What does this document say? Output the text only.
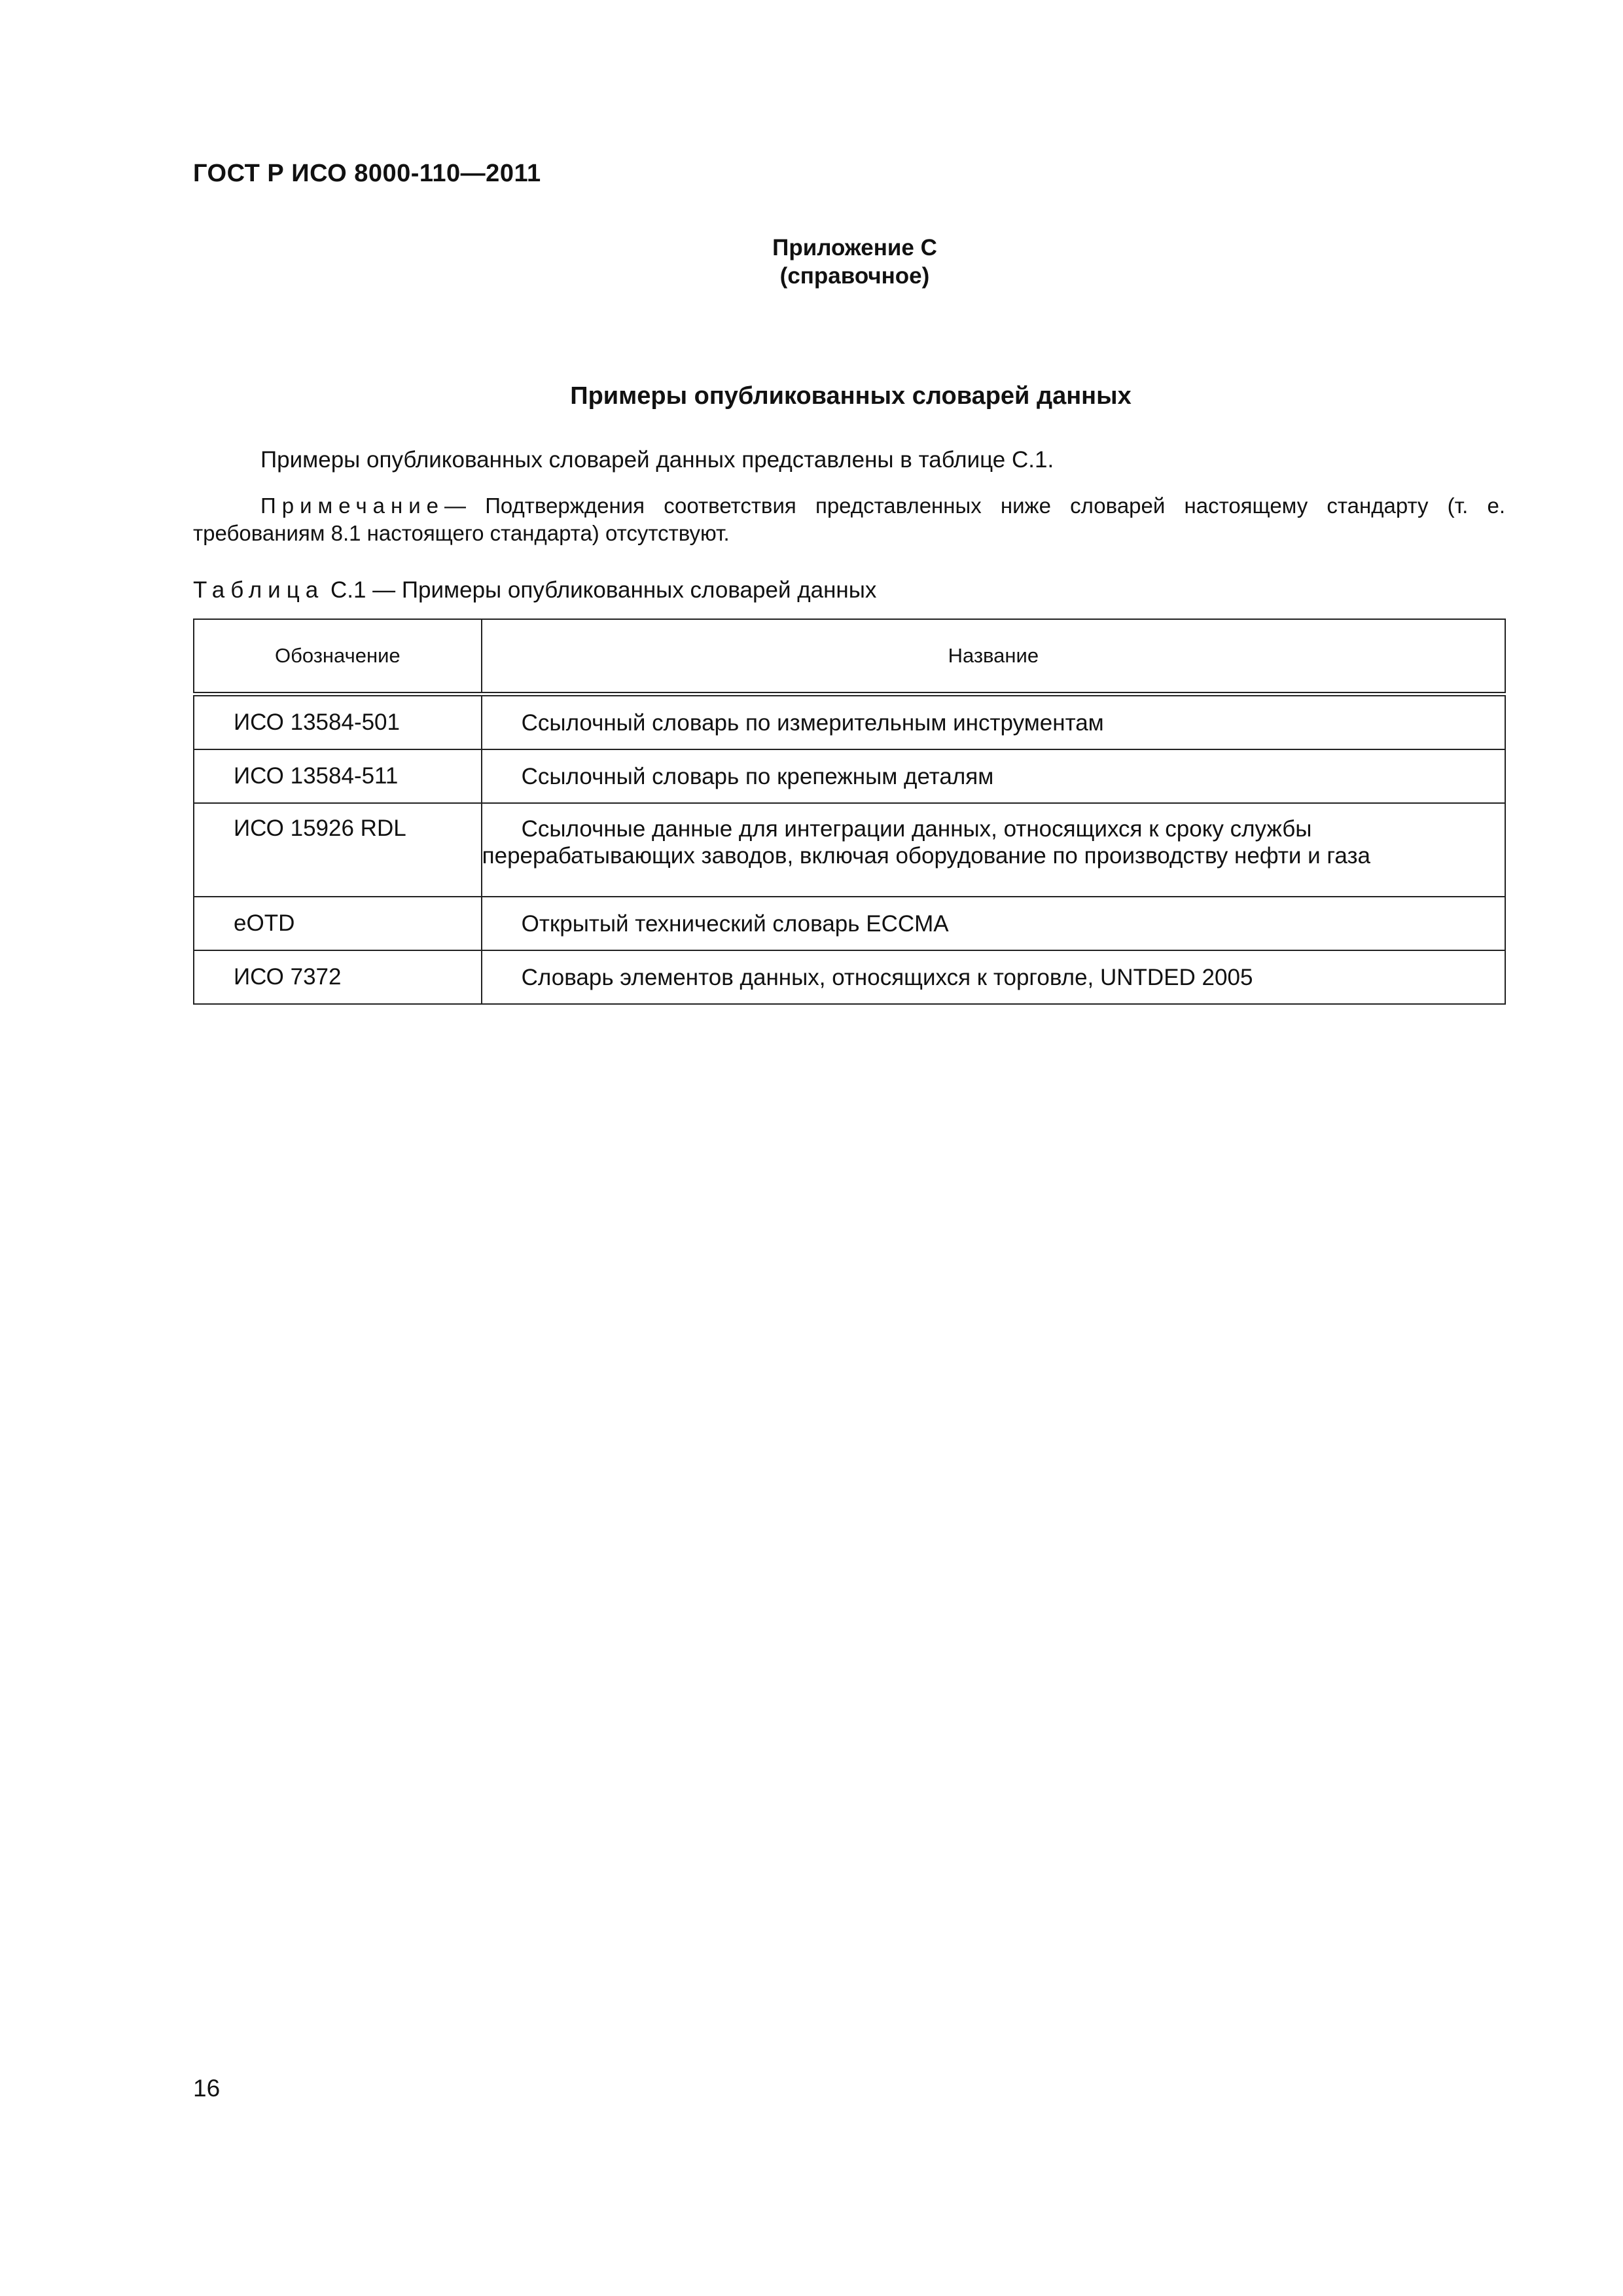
ГОСТ Р ИСО 8000-110—2011
Приложение C
(справочное)
Примеры опубликованных словарей данных
Примеры опубликованных словарей данных представлены в таблице C.1.
Примечание— Подтверждения соответствия представленных ниже словарей настоящему стандарту (т. е. требованиям 8.1 настоящего стандарта) отсутствуют.
Таблица C.1 — Примеры опубликованных словарей данных
Обозначение	Название
ИСО 13584-501	Ссылочный словарь по измерительным инструментам
ИСО 13584-511	Ссылочный словарь по крепежным деталям
ИСО 15926 RDL	Ссылочные данные для интеграции данных, относящихся к сроку службы перерабатывающих заводов, включая оборудование по производству нефти и газа
eOTD	Открытый технический словарь ECCMA
ИСО 7372	Словарь элементов данных, относящихся к торговле, UNTDED 2005
16
